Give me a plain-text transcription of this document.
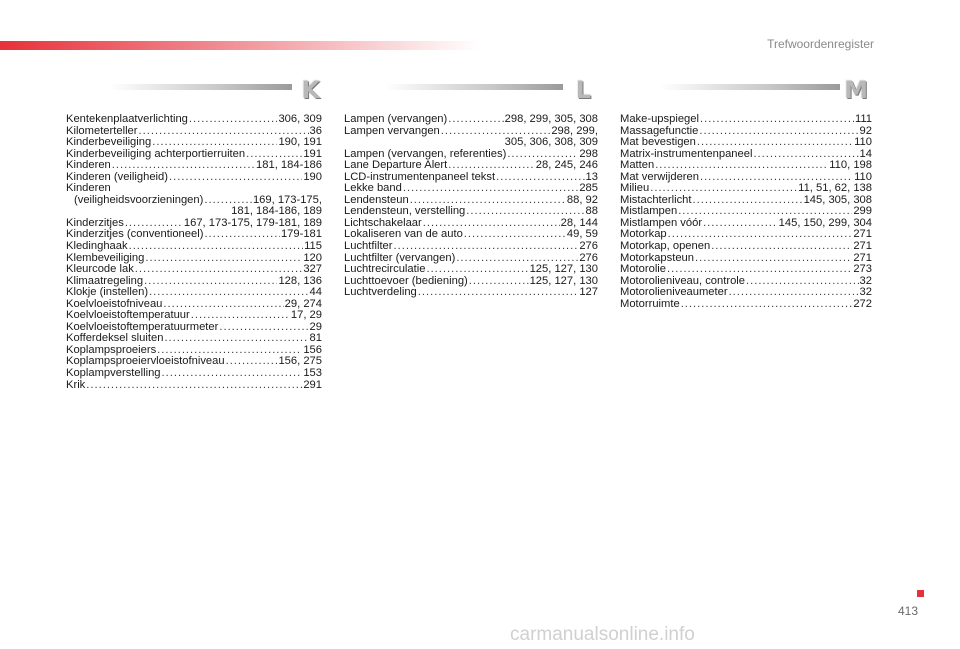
Trefwoordenregister
K	L	M
Kentekenplaatverlichting .....	306, 309
Kilometerteller .....	36
Kinderbeveiliging .....	190, 191
Kinderbeveiliging achterportierruiten .....	191
Kinderen .....	181, 184-186
Kinderen (veiligheid) .....	190
Kinderen
(veiligheidsvoorzieningen) .....	169, 173-175,
181, 184-186, 189
Kinderzitjes .....	167, 173-175, 179-181, 189
Kinderzitjes (conventioneel) .....	179-181
Kledinghaak .....	115
Klembeveiliging .....	120
Kleurcode lak .....	327
Klimaatregeling .....	128, 136
Klokje (instellen) .....	44
Koelvloeistofniveau .....	29, 274
Koelvloeistoftemperatuur .....	17, 29
Koelvloeistoftemperatuurmeter .....	29
Kofferdeksel sluiten .....	81
Koplampsproeiers .....	156
Koplampsproeiervloeistofniveau .....	156, 275
Koplampverstelling .....	153
Krik .....	291
Lampen (vervangen) .....	298, 299, 305, 308
Lampen vervangen .....	298, 299,
305, 306, 308, 309
Lampen (vervangen, referenties) .....	298
Lane Departure Alert .....	28, 245, 246
LCD-instrumentenpaneel tekst .....	13
Lekke band .....	285
Lendensteun .....	88, 92
Lendensteun, verstelling .....	88
Lichtschakelaar .....	28, 144
Lokaliseren van de auto .....	49, 59
Luchtfilter .....	276
Luchtfilter (vervangen) .....	276
Luchtrecirculatie .....	125, 127, 130
Luchttoevoer (bediening) .....	125, 127, 130
Luchtverdeling .....	127
Make-upspiegel .....	111
Massagefunctie .....	92
Mat bevestigen .....	110
Matrix-instrumentenpaneel .....	14
Matten .....	110, 198
Mat verwijderen .....	110
Milieu .....	11, 51, 62, 138
Mistachterlicht .....	145, 305, 308
Mistlampen .....	299
Mistlampen vóór .....	145, 150, 299, 304
Motorkap .....	271
Motorkap, openen .....	271
Motorkapsteun .....	271
Motorolie .....	273
Motorolieniveau, controle .....	32
Motorolieniveaumeter .....	32
Motorruimte .....	272
413
carmanualsonline.info
